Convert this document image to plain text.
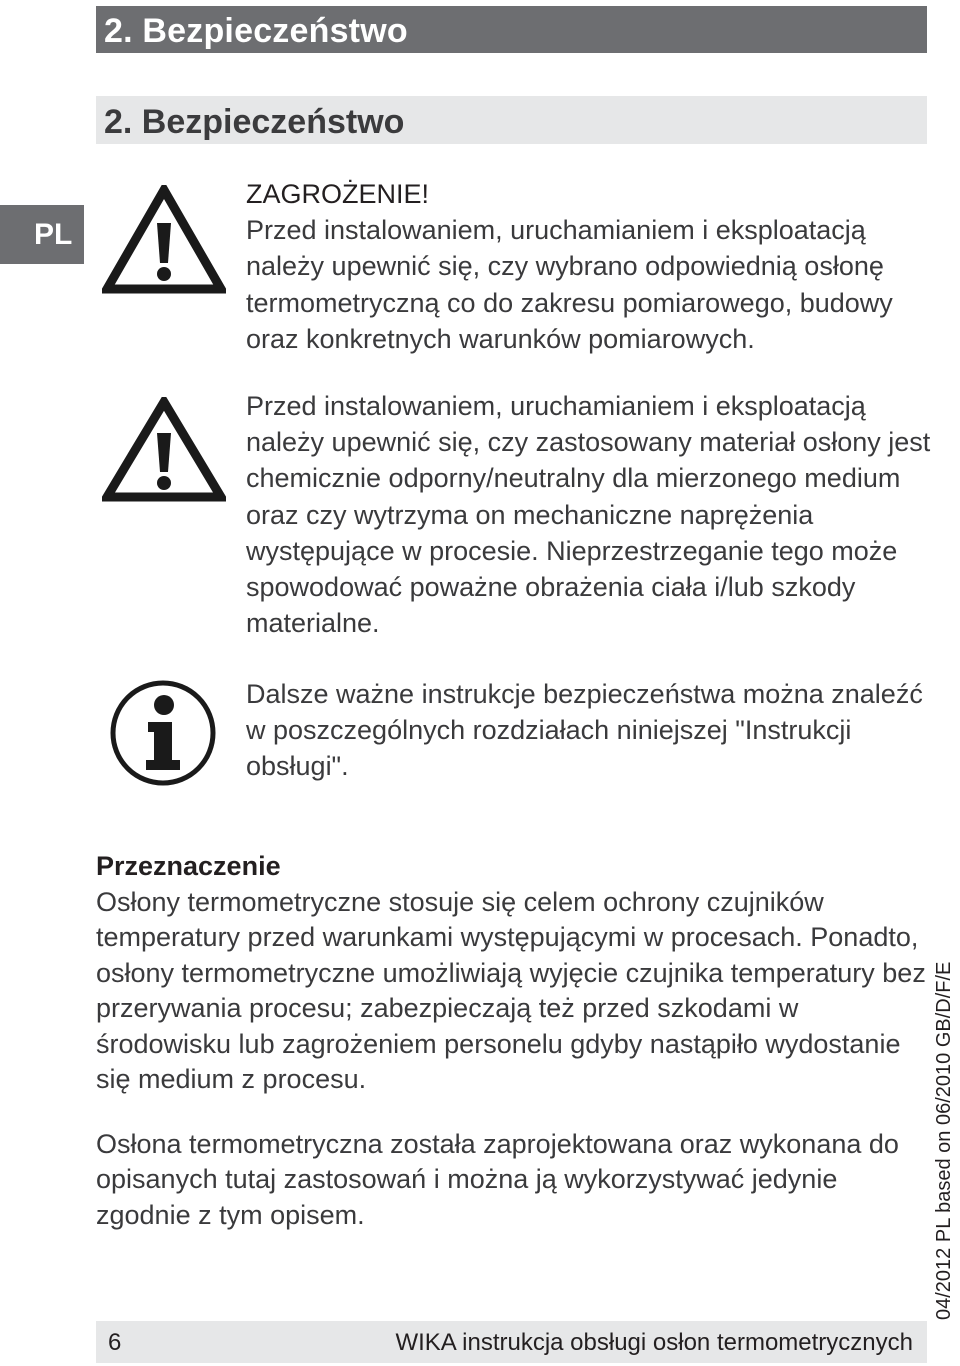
2. Bezpieczeństwo
2. Bezpieczeństwo
PL

ZAGROŻENIE!

Przed instalowaniem, uruchamianiem i eksploatacją należy upewnić się, czy wybrano odpowiednią osłonę termometryczną co do zakresu pomiarowego, budowy oraz konkretnych warunków pomiarowych.

Przed instalowaniem, uruchamianiem i eksploatacją należy upewnić się, czy zastosowany materiał osłony jest chemicznie odporny/neutralny dla mierzonego medium oraz czy wytrzyma on mechaniczne naprężenia występujące w procesie. Nieprzestrzeganie tego może spowodować poważne obrażenia ciała i/lub szkody materialne.

Dalsze ważne instrukcje bezpieczeństwa można znaleźć w poszczególnych rozdziałach niniejszej "Instrukcji obsługi".

Przeznaczenie

Osłony termometryczne stosuje się celem ochrony czujników temperatury przed warunkami występującymi w procesach. Ponadto, osłony termometryczne umożliwiają wyjęcie czujnika temperatury bez przerywania procesu; zabezpieczają też przed szkodami w środowisku lub zagrożeniem personelu gdyby nastąpiło wydostanie się medium z procesu.

Osłona termometryczna została zaprojektowana oraz wykonana do opisanych tutaj zastosowań i można ją wykorzystywać jedynie zgodnie z tym opisem.	04/2012 PL based on 06/2010 GB/D/F/E
6	WIKA instrukcja obsługi osłon termometrycznych
